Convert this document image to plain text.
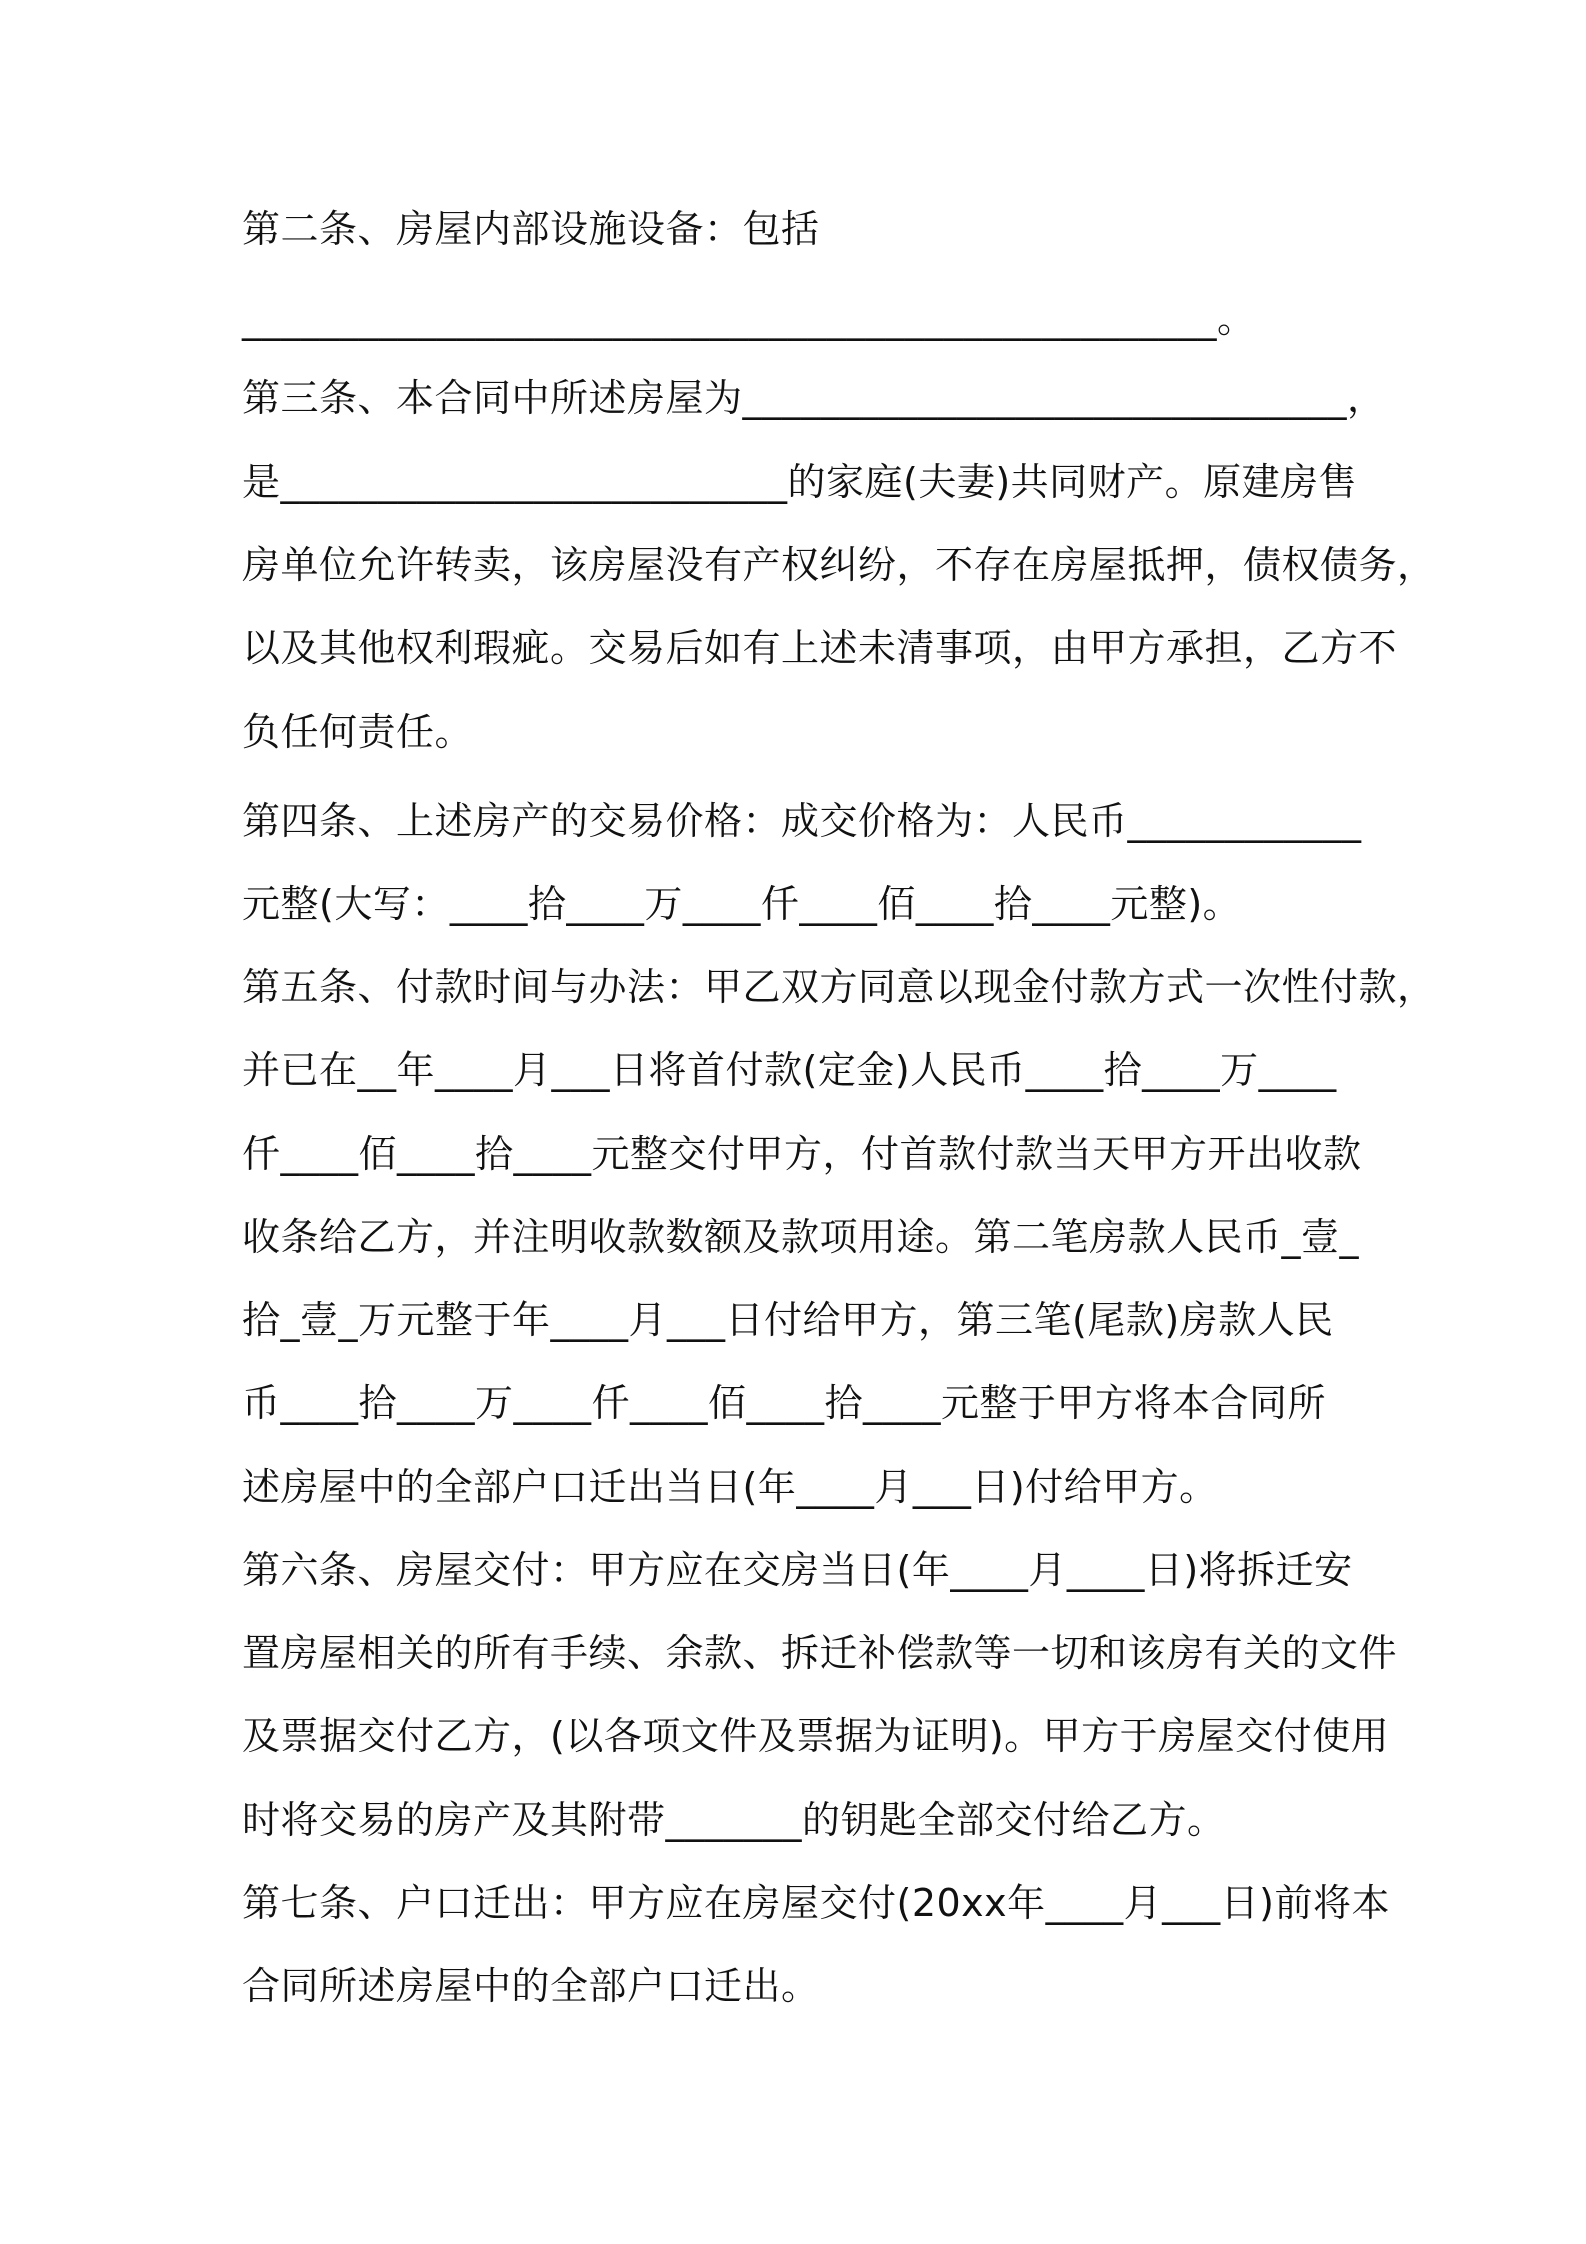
第二条、房屋内部设施设备：包括

__________________________________________________。

第三条、本合同中所述房屋为_______________________________，

是__________________________的家庭(夫妻)共同财产。原建房售

房单位允许转卖，该房屋没有产权纠纷，不存在房屋抵押，债权债务，

以及其他权利瑕疵。交易后如有上述未清事项，由甲方承担，乙方不

负任何责任。

第四条、上述房产的交易价格：成交价格为：人民币____________

元整(大写：____拾____万____仟____佰____拾____元整)。

第五条、付款时间与办法：甲乙双方同意以现金付款方式一次性付款，

并已在__年____月___日将首付款(定金)人民币____拾____万____

仟____佰____拾____元整交付甲方，付首款付款当天甲方开出收款

收条给乙方，并注明收款数额及款项用途。第二笔房款人民币_壹_

拾_壹_万元整于年____月___日付给甲方，第三笔(尾款)房款人民

币____拾____万____仟____佰____拾____元整于甲方将本合同所

述房屋中的全部户口迁出当日(年____月___日)付给甲方。

第六条、房屋交付：甲方应在交房当日(年____月____日)将拆迁安

置房屋相关的所有手续、余款、拆迁补偿款等一切和该房有关的文件

及票据交付乙方，(以各项文件及票据为证明)。甲方于房屋交付使用

时将交易的房产及其附带_______的钥匙全部交付给乙方。

第七条、户口迁出：甲方应在房屋交付(20xx年____月___日)前将本

合同所述房屋中的全部户口迁出。
